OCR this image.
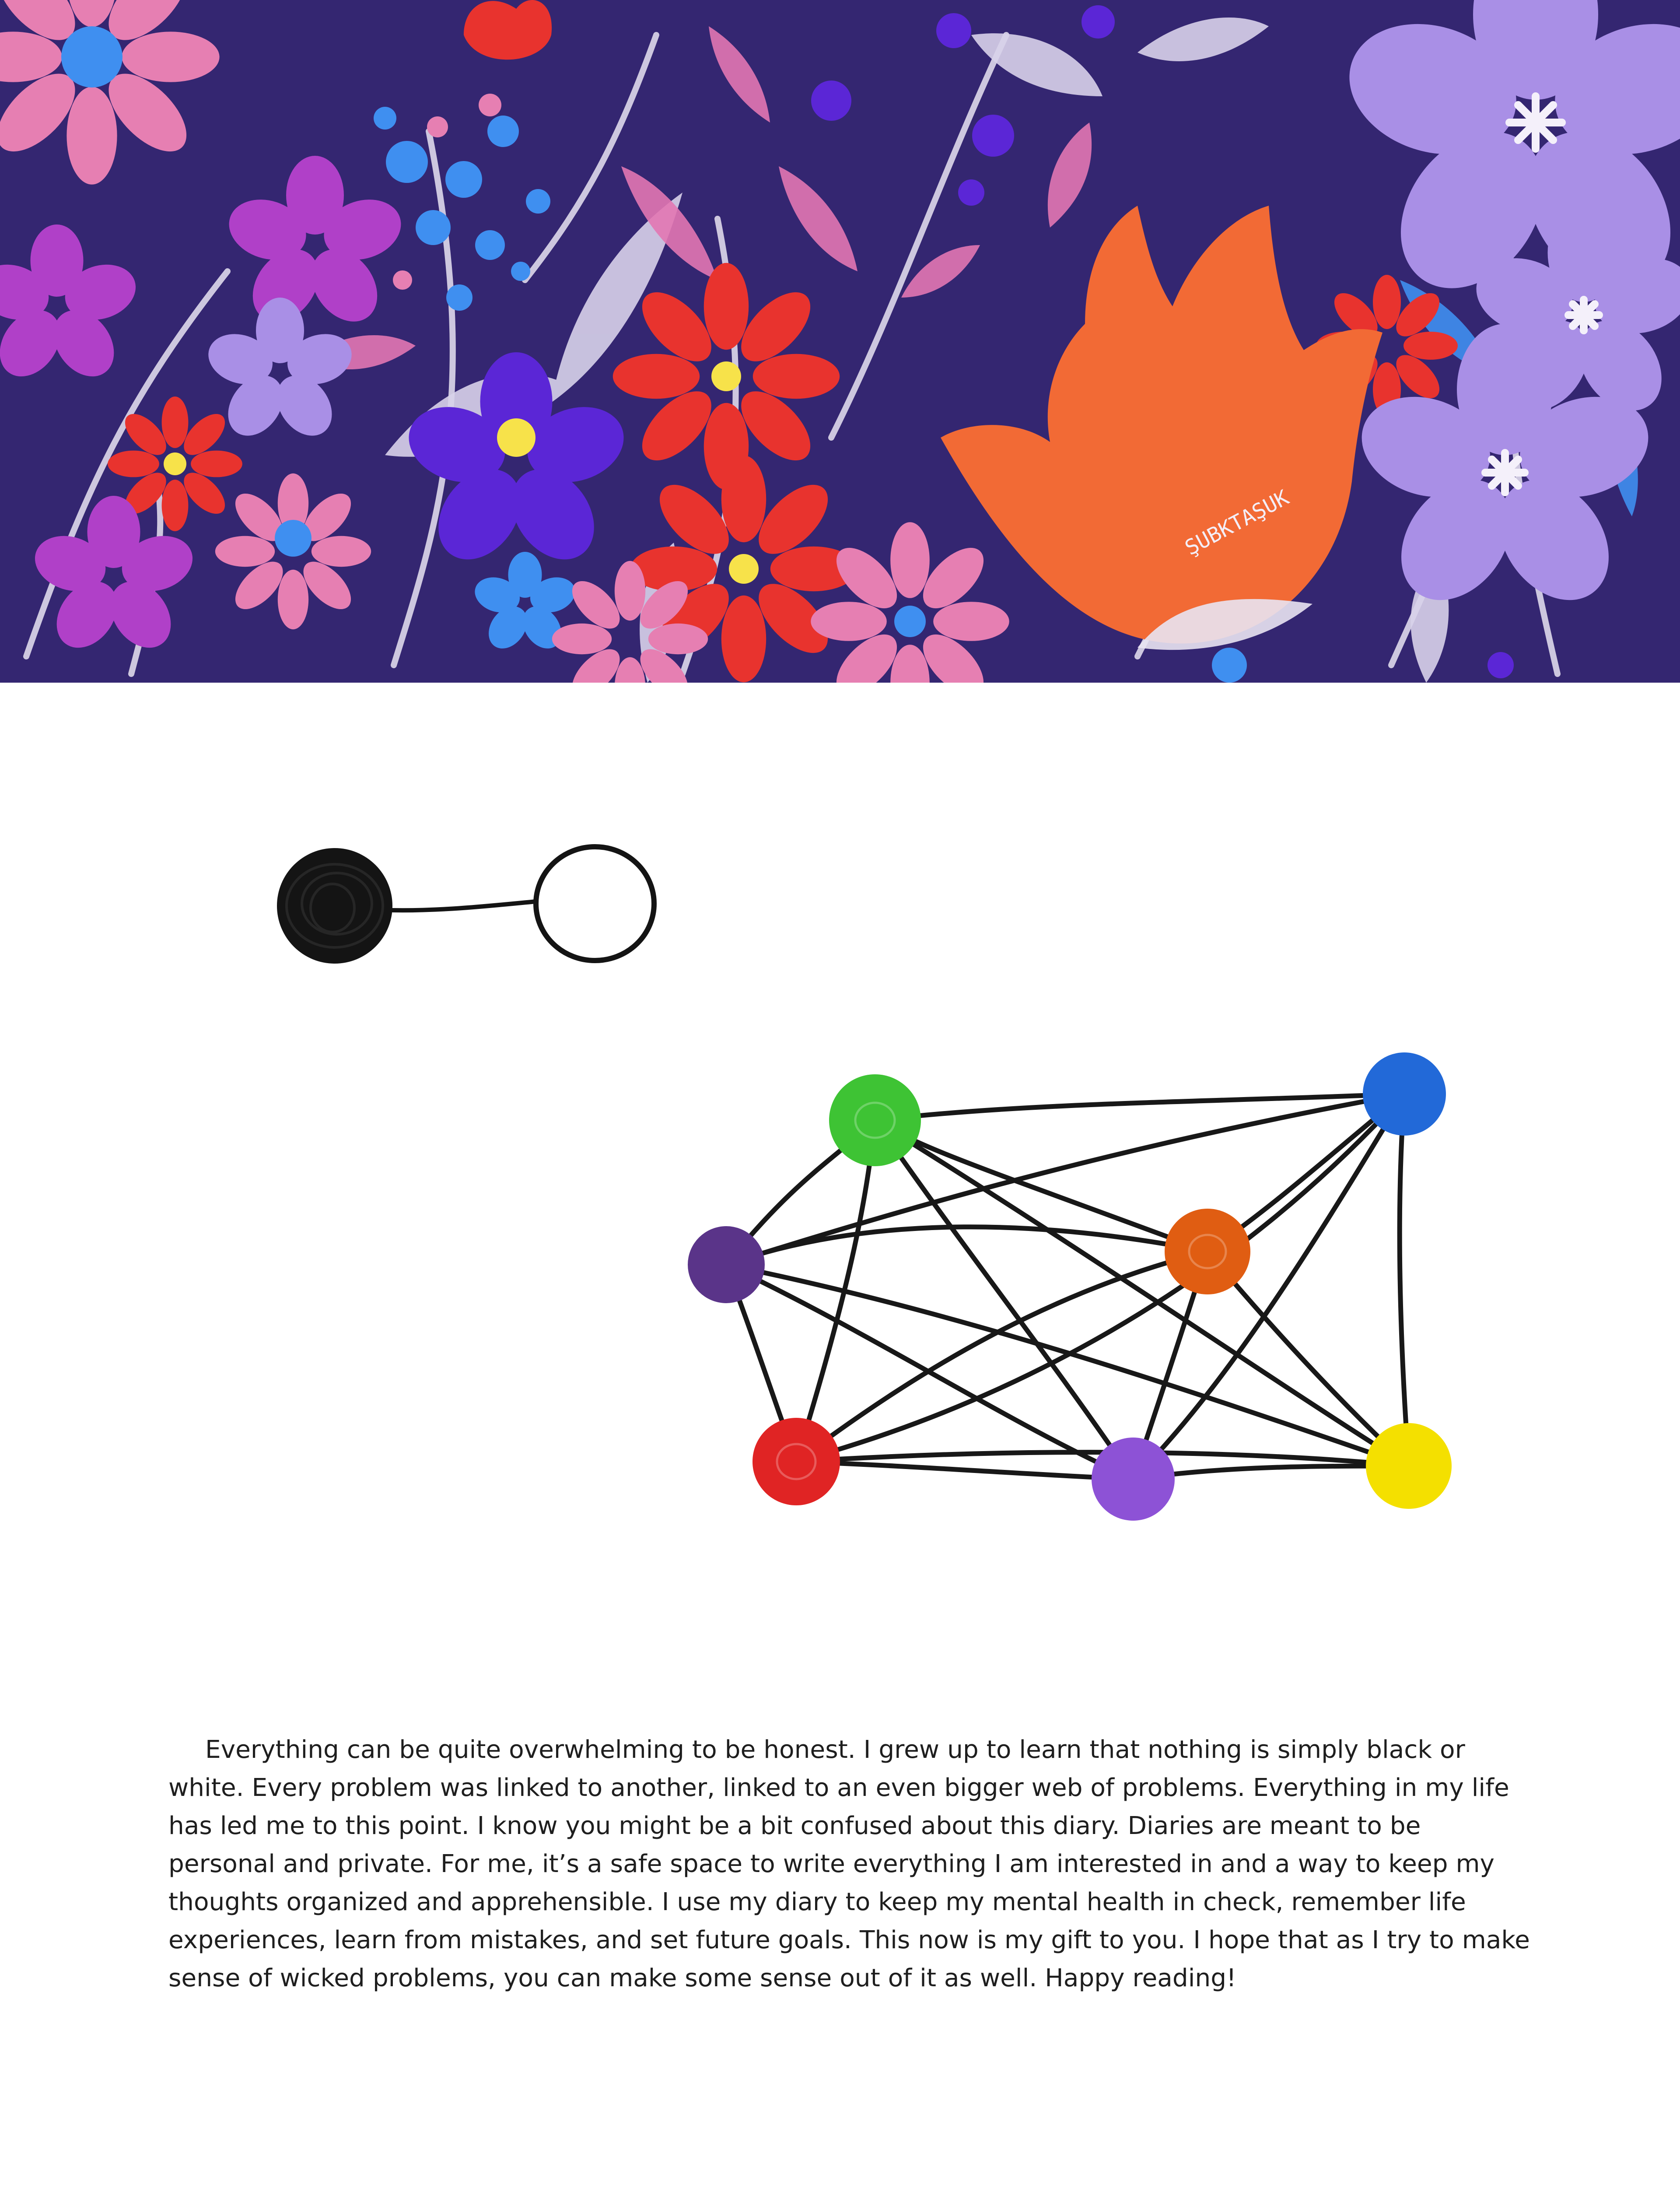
ŞUBKTAŞUK

Everything can be quite overwhelming to be honest. I grew up to learn that nothing is simply black or white. Every problem was linked to another, linked to an even bigger web of problems. Everything in my life has led me to this point. I know you might be a bit confused about this diary. Diaries are meant to be personal and private. For me, it’s a safe space to write everything I am interested in and a way to keep my thoughts organized and apprehensible. I use my diary to keep my mental health in check, remember life experiences, learn from mistakes, and set future goals. This now is my gift to you. I hope that as I try to make sense of wicked problems, you can make some sense out of it as well. Happy reading!
